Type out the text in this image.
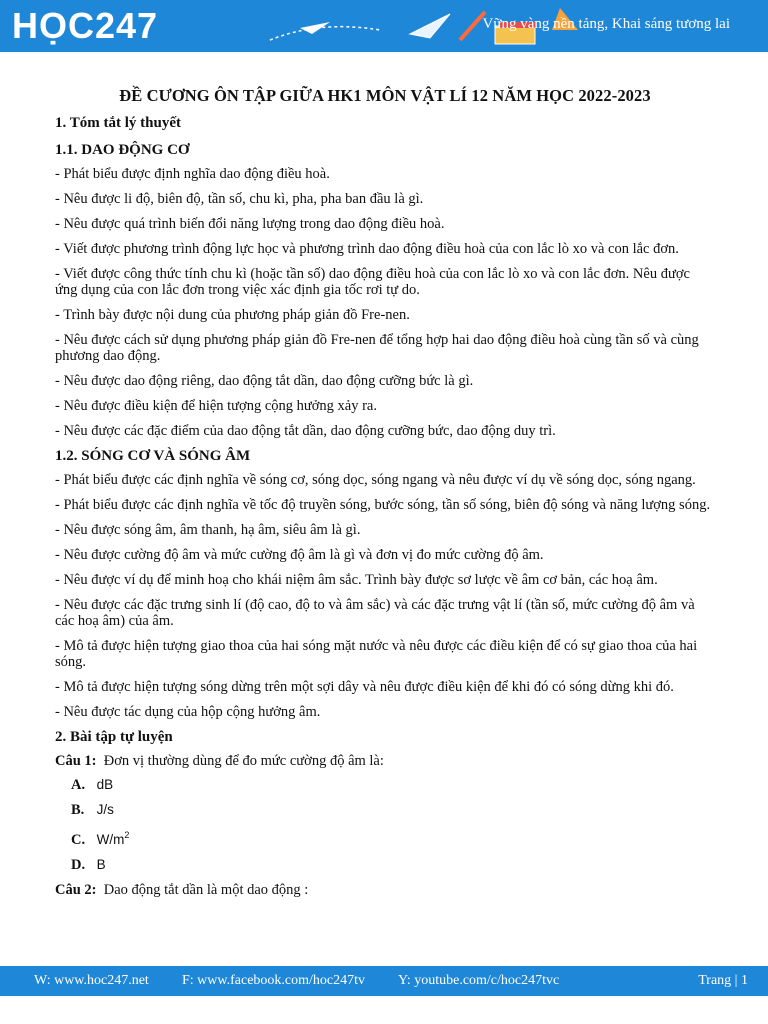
HỌC247	Vững vàng nền tảng, Khai sáng tương lai
ĐỀ CƯƠNG ÔN TẬP GIỮA HK1 MÔN VẬT LÍ 12 NĂM HỌC 2022-2023
1. Tóm tắt lý thuyết
1.1. DAO ĐỘNG CƠ
- Phát biểu được định nghĩa dao động điều hoà.
- Nêu được li độ, biên độ, tần số, chu kì, pha, pha ban đầu là gì.
- Nêu được quá trình biến đổi năng lượng trong dao động điều hoà.
- Viết được phương trình động lực học và phương trình dao động điều hoà của con lắc lò xo và con lắc đơn.
- Viết được công thức tính chu kì (hoặc tần số) dao động điều hoà của con lắc lò xo và con lắc đơn. Nêu được ứng dụng của con lắc đơn trong việc xác định gia tốc rơi tự do.
- Trình bày được nội dung của phương pháp giản đồ Fre-nen.
- Nêu được cách sử dụng phương pháp giản đồ Fre-nen để tổng hợp hai dao động điều hoà cùng tần số và cùng phương dao động.
- Nêu được dao động riêng, dao động tắt dần, dao động cưỡng bức là gì.
- Nêu được điều kiện để hiện tượng cộng hưởng xảy ra.
- Nêu được các đặc điểm của dao động tắt dần, dao động cưỡng bức, dao động duy trì.
1.2. SÓNG CƠ VÀ SÓNG ÂM
- Phát biểu được các định nghĩa về sóng cơ, sóng dọc, sóng ngang và nêu được ví dụ về sóng dọc, sóng ngang.
- Phát biểu được các định nghĩa về tốc độ truyền sóng, bước sóng, tần số sóng, biên độ sóng và năng lượng sóng.
- Nêu được sóng âm, âm thanh, hạ âm, siêu âm là gì.
- Nêu được cường độ âm và mức cường độ âm là gì và đơn vị đo mức cường độ âm.
- Nêu được ví dụ để minh hoạ cho khái niệm âm sắc. Trình bày được sơ lược về âm cơ bản, các hoạ âm.
- Nêu được các đặc trưng sinh lí (độ cao, độ to và âm sắc) và các đặc trưng vật lí (tần số, mức cường độ âm và các hoạ âm) của âm.
- Mô tả được hiện tượng giao thoa của hai sóng mặt nước và nêu được các điều kiện để có sự giao thoa của hai sóng.
- Mô tả được hiện tượng sóng dừng trên một sợi dây và nêu được điều kiện để khi đó có sóng dừng khi đó.
- Nêu được tác dụng của hộp cộng hưởng âm.
2. Bài tập tự luyện
Câu 1: Đơn vị thường dùng để đo mức cường độ âm là:
A. dB
B. J/s
C. $W/m^2$
D. B
Câu 2: Dao động tắt dần là một dao động :
W: www.hoc247.net F: www.facebook.com/hoc247tv Y: youtube.com/c/hoc247tvc	Trang | 1
